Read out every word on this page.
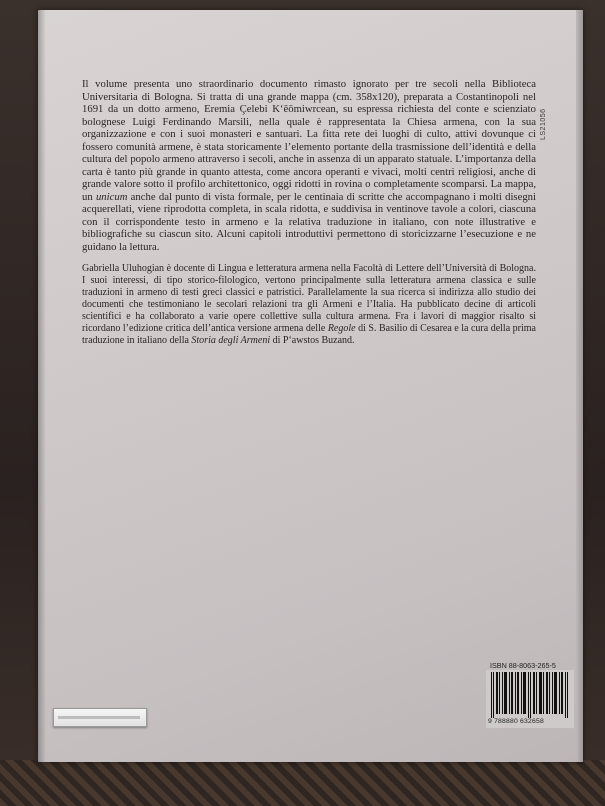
LS21056

Il volume presenta uno straordinario documento rimasto ignorato per tre secoli nella Biblioteca Universitaria di Bologna. Si tratta di una grande mappa (cm. 358x120), preparata a Costantinopoli nel 1691 da un dotto armeno, Eremia Çelebi K‘ēōmiwrcean, su espressa richiesta del conte e scienziato bolognese Luigi Ferdinando Marsili, nella quale è rappresentata la Chiesa armena, con la sua organizzazione e con i suoi monasteri e santuari. La fitta rete dei luoghi di culto, attivi dovunque ci fossero comunità armene, è stata storicamente l’elemento portante della trasmissione dell’identità e della cultura del popolo armeno attraverso i secoli, anche in assenza di un apparato statuale. L’importanza della carta è tanto più grande in quanto attesta, come ancora operanti e vivaci, molti centri religiosi, anche di grande valore sotto il profilo architettonico, oggi ridotti in rovina o completamente scomparsi. La mappa, un unicum anche dal punto di vista formale, per le centinaia di scritte che accompagnano i molti disegni acquerellati, viene riprodotta completa, in scala ridotta, e suddivisa in ventinove tavole a colori, ciascuna con il corrispondente testo in armeno e la relativa traduzione in italiano, con note illustrative e bibliografiche su ciascun sito. Alcuni capitoli introduttivi permettono di storicizzarne l’esecuzione e ne guidano la lettura.

Gabriella Uluhogian è docente di Lingua e letteratura armena nella Facoltà di Lettere dell’Università di Bologna. I suoi interessi, di tipo storico-filologico, vertono principalmente sulla letteratura armena classica e sulle traduzioni in armeno di testi greci classici e patristici. Parallelamente la sua ricerca si indirizza allo studio dei documenti che testimoniano le secolari relazioni tra gli Armeni e l’Italia. Ha pubblicato decine di articoli scientifici e ha collaborato a varie opere collettive sulla cultura armena. Fra i lavori di maggior risalto si ricordano l’edizione critica dell’antica versione armena delle Regole di S. Basilio di Cesarea e la cura della prima traduzione in italiano della Storia degli Armeni di P‘awstos Buzand.

ISBN 88-8063-265-5
9 788880 632658
